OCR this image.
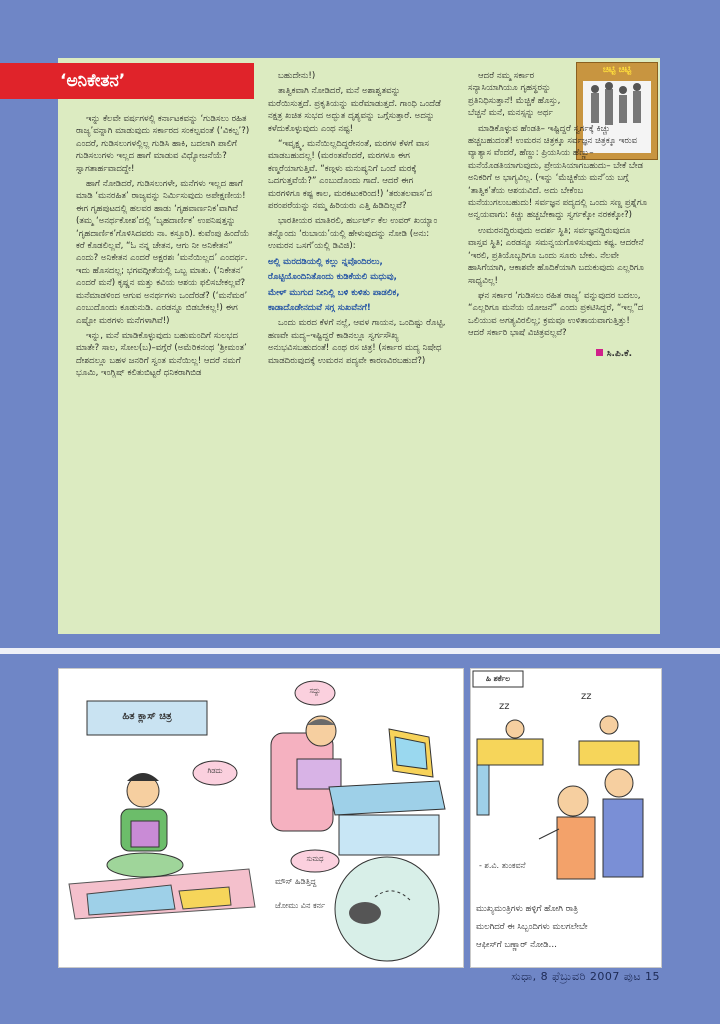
‘ಅನಿಕೇತನ’

ಇನ್ನು ಕೆಲವೇ ವರ್ಷಗಳಲ್ಲಿ ಕರ್ನಾಟಕವನ್ನು ‘ಗುಡಿಸಲು ರಹಿತ ರಾಜ್ಯ’ವನ್ನಾಗಿ ಮಾಡುವುದು ಸರ್ಕಾರದ ಸಂಕಲ್ಪವಂತೆ (‘ವಿಕಲ್ಪ’?) ಎಂದರೆ, ಗುಡಿಸಲುಗಳಲ್ಲಿಲ್ಲ ಗುಡಿಸಿ ಹಾಕಿ, ಬದಲಾಗಿ ಪಾಲಿಗೆ ಗುಡಿಸಲುಗಳು ಇಲ್ಲದ ಹಾಗೆ ಮಾಡುವ ವಿಧ್ಯೋಜನೆಯೆ? ಸ್ವಾಗತಾರ್ಹವಾದದ್ದೇ!

ಹಾಗೆ ನೋಡಿದರೆ, ಗುಡಿಸಲುಗಳೇ, ಮನೆಗಳು ಇಲ್ಲದ ಹಾಗೆ ಮಾಡಿ ‘ಮನರಹಿತ’ ರಾಜ್ಯವನ್ನು ನಿರ್ಮಿಸುವುದು ಅಪೇಕ್ಷಣೀಯ! ಈಗ ಗೃಹಪುಟದಲ್ಲಿ ಹಲವರ ಹಾಡು ‘ಗೃಹವಾರ್ಣನಿಕ’ವಾಗಿವೆ (ತಮ್ಮ ‘ಅನರ್ಥಕೋಶ’ದಲ್ಲಿ ‘ಬೃಹದಾರ್ಣಿಕ’ ಉಪನಿಷತ್ತನ್ನು ‘ಗೃಹದಾರ್ಣಿಕ’ಗೊಳಿಸಿದವರು ನಾ. ಕಸ್ತೂರಿ). ಕುವೆಂಪು ಹಿಂದೆಯೆ ಕರೆ ಕೊಡಲಿಲ್ಲವೆ, “ಓ ನನ್ನ ಚೇತನ, ಆಗು ನೀ ಅನಿಕೇತನ” ಎಂದು? ಅನಿಕೇತನ ಎಂದರೆ ಅಕ್ಷರಶಃ ‘ಮನೆಯಿಲ್ಲದ’ ಎಂದರ್ಥ. ಇದು ಹೊಸದಲ್ಲ; ಭಗವದ್ಗೀತೆಯಲ್ಲಿ ಒಬ್ಬ ಮಾತು. (‘ನಿಕೇತನ’ ಎಂದರೆ ಮನೆ) ಕೃಷ್ಣನ ಮತ್ತು ಕವಿಯ ಆಶಯ ಫಲಿಸಬೇಕಲ್ಲವೆ? ಮನೆಮಾಡಳಿಂದ ಆಗುವ ಅನರ್ಥಗಳು ಒಂದೆರಡೆ? (‘ಮನೆಮಠ’ ಎಂಬುದೊಂದು ಕೂಡುನುಡಿ. ಎರಡನ್ನೂ ಬಿಡಬೇಕಲ್ಲ!) ಈಗ ಎಷ್ಟೋ ಮಠಗಳು ಮನೆಗಳಾಗಿವೆ!)

ಇನ್ನು, ಮನೆ ಮಾಡಿಕೊಳ್ಳುವುದು ಬಹುಮಂದಿಗೆ ಸುಲಭದ ಮಾತೇ? ಸಾಲ, ಸೋಲ(ಬ)–ವಗ್ಗೆರೆ (ಅಮೆರಿಕನಂಥ ‘ಶ್ರೀಮಂತ’ ದೇಶದಲ್ಲೂ ಬಹಳ ಜನರಿಗೆ ಸ್ವಂತ ಮನೆಯಿಲ್ಲ! ಆದರೆ ನಮಗೆ ಭೂಮಿ, ಇಂಗ್ಲಿಷ್ ಕಲಿತುಬಿಟ್ಟರೆ ಧನಿಕರಾಗಿಬಿಡ

ಬಹುದೇನು!)

ತಾತ್ವಿಕವಾಗಿ ನೋಡಿದರೆ, ಮನೆ ಅಶಾಶ್ವತವನ್ನು ಮರೆಯಿಸುತ್ತದೆ. ಪ್ರಕೃತಿಯನ್ನು ಮರೆಮಾಡುತ್ತದೆ. ಗಾಂಧಿ ಒಂದೆಡೆ ನಕ್ಷತ್ರ ಖಚಿತ ಸುಭದ ಅದ್ಭುತ ದೃಶ್ಯವನ್ನು ಒಗ್ಗೆಸುತ್ತಾರೆ. ಅದನ್ನು ಕಳೆದುಕೊಳ್ಳುವುದು ಎಂಥ ನಷ್ಟ!

“ಇವೃಕ್ಷ್ಮ, ಮನೆಯಿಲ್ಲದಿದ್ದರೇನಂತೆ, ಮರಗಳ ಕೆಳಗೆ ವಾಸ ಮಾಡಬಹುದಲ್ಲ! (ಮರಂತವೆಂದರೆ, ಮರಗಳೂ ಈಗ ಕಣ್ಮರೆಯಾಗುತ್ತಿವೆ. “ಕಣ್ಗಳು ಮನುಷ್ಯನಿಗೆ ಒಂದೆ ಮರಕ್ಕೆ ಒದಗುತ್ತವೆಯೆ?” ಎಂಬುದೊಂದು ಗಾದೆ. ಆದರೆ ಈಗ ಮರಗಳಿಗೂ ಕಷ್ಟ ಕಾಲ, ಮರಕಟುಕರಿಂದ!) ‘ತರುತಲವಾಸ’ದ ಪರಂಪರೆಯನ್ನು ನಮ್ಮ ಹಿರಿಯರು ಎತ್ತಿ ಹಿಡಿದಿಲ್ಲವೆ?

ಭಾರತೀಯರ ಮಾತಿರಲಿ, ಹರ್ಬರ್ಟ್ ಕೆಲ ಉವರ್ ಖಯ್ಯಾಂ ತನ್ನೊಂದು ‘ರುಬಾಯ’ಯಲ್ಲಿ ಹೇಳುವುದನ್ನು ನೋಡಿ (ಅನು: ಉಮರನ ಒಸಗೆ’ಯಲ್ಲಿ ಡಿವಿಜಿ):

ಅಲ್ಲಿ ಮರದಡಿಯಲ್ಲಿ ಕಲ್ಲು ನ್ನವೊಂದಿರಲು,

ರೊಟ್ಟಿಯೊಂದಿನಿತೊಂದು ಕುಡಿಕೆಯಲಿ ಮಧುವು,

ಮೇಳ್ ಮುಗುದ ನೀನಿಲ್ಲಿ ಬಳಿ ಕುಳಿತು ಪಾಡಲಿಕ,

ಕಾಡಾದೊಡೇನದುವೆ ಸಗ್ಗ ಸುಖವೆನಗೆ!

ಒಂದು ಮರದ ಕೆಳಗೆ ನಲ್ಲೆ, ಆವಳ ಗಾಯನ, ಒಂದಿಷ್ಟು ರೊಟ್ಟಿ, ಹಣವೇ ಮದ್ಯ–ಇಷ್ಟಿದ್ದರೆ ಕಾಡಿನಲ್ಲೂ ಸ್ವರ್ಗಸೌಖ್ಯ ಅನುಭವಿಸಬಹುದಂತೆ! ಎಂಥ ರಸ ಚಿತ್ರ! (ಸರ್ಕಾರ ಮದ್ಯ ನಿಷೇಧ ಮಾಡದಿರುವುದಕ್ಕೆ ಉಮರನ ಪದ್ಯವೇ ಕಾರಣವಿರಬಹುದೆ?)

ಚಿಟ್ಟಿ ಚಿಟ್ಟಿ

ಆದರೆ ನಮ್ಮ ಸರ್ಕಾರ ಸನ್ಯಾಸಿಯಾಗಿಯೂ ಗೃಹಸ್ಥರನ್ನು ಪ್ರತಿನಿಧಿಸುತ್ತಾನೆ! ಮೆಚ್ಚಿಕೆ ಹೊಸ್ತು, ಬೆಚ್ಚನೆ ಮನೆ, ಮನಸ್ಸನ್ನು ಅರ್ಥ

ಮಾಡಿಕೊಳ್ಳುವ ಹೆಂಡತಿ– ಇಷ್ಟಿದ್ದರೆ ಸ್ವರ್ಗಕ್ಕೆ ಕಿಚ್ಚು ಹಚ್ಚಬಹುದಂತೆ! ಉಮರನ ಚಿತ್ರಕ್ಕೂ ಸರ್ವಜ್ಞನ ಚಿತ್ರಕ್ಕೂ ಇರುವ ವ್ಯಾತ್ಯಾಸ ವೆಂದರೆ, ಹೆಣ್ಣು: ಪ್ರಿಯಸಿಯ ಹೆಣ್ಣು– ಮನೆಯೊಡತಿಯಾಗುವುದು, ಪ್ರೇಯಸಿಯಾಗಬಹುದು– ಬೇಕೆ ಬೇಡ ಅನಿಕರಿಗೆ ಅ ಭಾಗ್ಯವಿಲ್ಲ. (ಇನ್ನು ‘ಮೆಚ್ಚಿಕೆಯ ಮನೆ’ಯ ಬಗ್ಗೆ ‘ತಾತ್ವಿಕ’ತೆಯ ಆಶಯವಿದೆ. ಅದು ಬೇಕೆಂಬ ಮನೆಯುಗಲುಬಹುದು! ಸರ್ವಜ್ಞನ ಪದ್ಯದಲ್ಲಿ ಒಂದು ಸಣ್ಣ ಪ್ರಶ್ನೆಗೂ ಅನ್ವಯವಾಗು: ಕಿಚ್ಚು ಹಚ್ಚಬೇಕಾದ್ದು ಸ್ವರ್ಗಕ್ಕೋ ನರಕಕ್ಕೋ?)

ಉಮರನದ್ದಿರುವುದು ಅದರ್ಶ ಸ್ಥಿತಿ; ಸರ್ವಜ್ಞನದ್ದಿರುವುದೂ ವಾಸ್ತವ ಸ್ಥಿತಿ; ಎರಡನ್ನೂ ಸಮನ್ವಯಗೊಳಿಸುವುದು ಕಷ್ಟ. ಆದರೇನೆ ‘ಇರಲಿ, ಪ್ರತಿಯೊಬ್ಬರಿಗೂ ಒಂದು ಸೂರು ಬೇಕು. ನೆಲವೇ ಹಾಸಿಗೆಯಾಗಿ, ಆಕಾಶವೇ ಹೊದಿಕೆಯಾಗಿ ಬದುಕುವುದು ಎಲ್ಲರಿಗೂ ಸಾಧ್ಯವಿಲ್ಲ!

ಘನ ಸರ್ಕಾರ ‘ಗುಡಿಸಲು ರಹಿತ ರಾಜ್ಯ’ ವನ್ನುವುದರ ಬದಲು, “ಎಲ್ಲರಿಗೂ ಮನೆಯ ಯೋಜನೆ” ಎಂದು ಪ್ರಕಟಿಸಿದ್ದರೆ, “ಇಲ್ಲ”ದ ಒಲಿಯುವ ಅಗತ್ಯವಿರಲಿಲ್ಲ; ಕ್ರಮವೂ ಉಳಿತಾಯವಾಗುತ್ತಿತ್ತು! ಆದರೆ ಸರ್ಕಾರಿ ಭಾಷೆ ವಿಚಿತ್ರವಲ್ಲವೆ?

ಸಿ.ಪಿ.ಕೆ.
ಹಿತ ಕ್ಲಾಸ್ ಚಿತ್ರ
ಗಿಡದು
ಸದ್ದು
ಸುಮಧ
ಮೌಸ್ ಹಿಡಿತ್ತಿದ್ದ
ಜೋಮು ವಿನ ಕರ್ನ
zz
zz
ಹಿ ಶರ್ಕೆಲ
- ಶ.ವಿ. ತುಂಕವನೆ
ಮುಖ್ಯಮಂತ್ರಿಗಳು ಹಳ್ಳಿಗೆ ಹೋಗಿ ರಾತ್ರಿ
ಮಲಗಿದರೆ ಈ ಸಿಬ್ಬಂದಿಗಳು ಮಲಗಲೇಬೇ
ಆಫೀಸ್‌ಗೆ ಬಣ್ಣಾರ್ ನೋಡಿ…
ಸುಧಾ, 8 ಫೆಬ್ರುವರಿ 2007 ಪುಟ 15
